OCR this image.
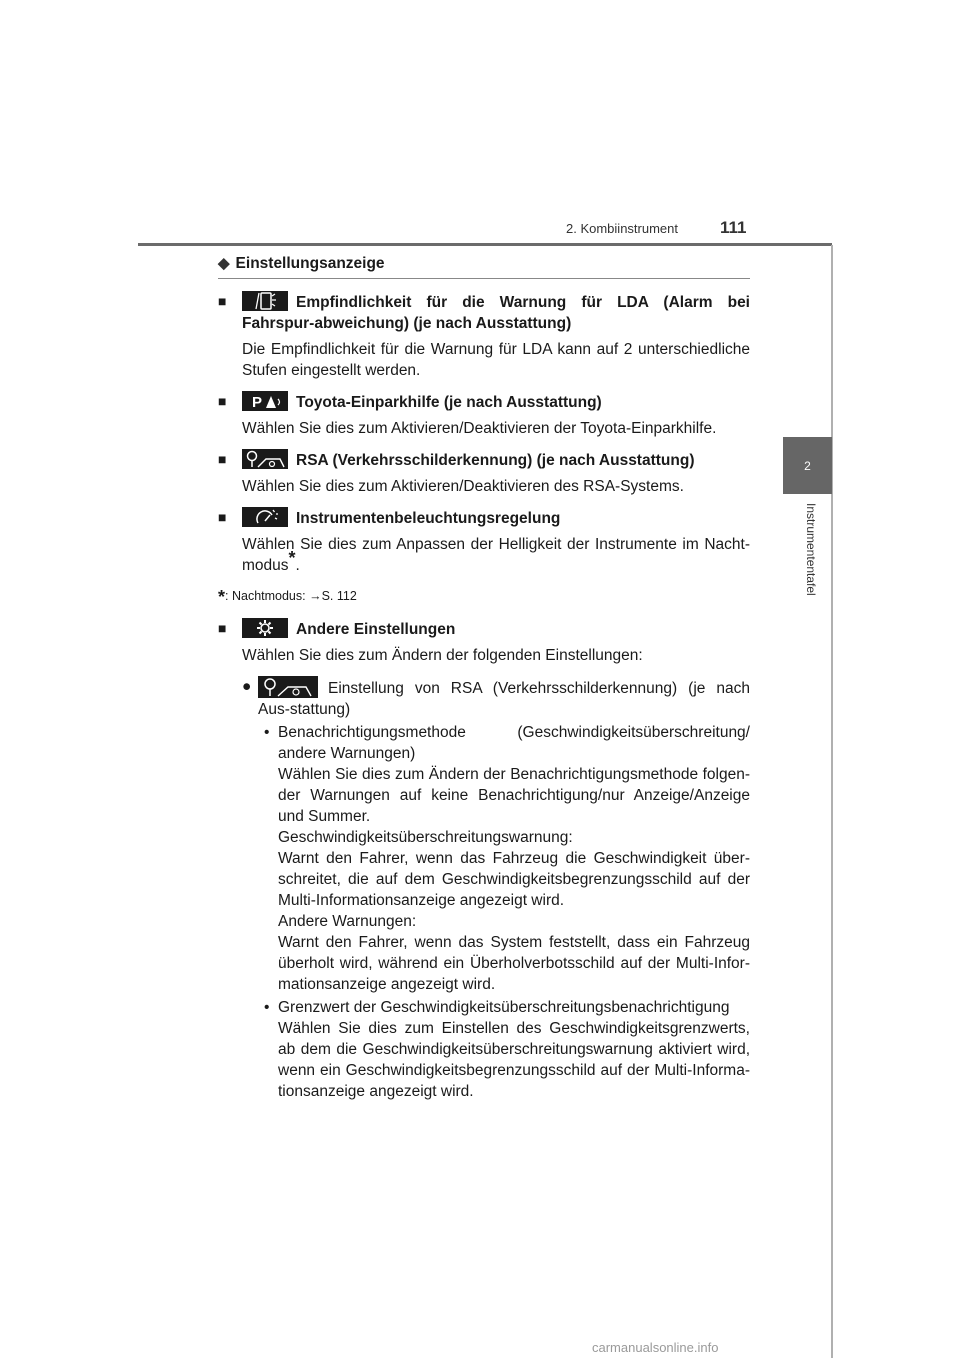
2. Kombiinstrument 111
2
Instrumententafel
◆ Einstellungsanzeige
■	Empfindlichkeit für die Warnung für LDA (Alarm bei Fahrspur-abweichung) (je nach Ausstattung)
Die Empfindlichkeit für die Warnung für LDA kann auf 2 unterschiedliche Stufen eingestellt werden.
■	P Toyota-Einparkhilfe (je nach Ausstattung)
Wählen Sie dies zum Aktivieren/Deaktivieren der Toyota-Einparkhilfe.
■	RSA (Verkehrsschilderkennung) (je nach Ausstattung)
Wählen Sie dies zum Aktivieren/Deaktivieren des RSA-Systems.
■	Instrumentenbeleuchtungsregelung
Wählen Sie dies zum Anpassen der Helligkeit der Instrumente im Nacht-modus*.
*: Nachtmodus: →S. 112
■	Andere Einstellungen
Wählen Sie dies zum Ändern der folgenden Einstellungen:
●	Einstellung von RSA (Verkehrsschilderkennung) (je nach Aus-stattung)
• Benachrichtigungsmethode	(Geschwindigkeitsüberschreitung/
andere Warnungen)
Wählen Sie dies zum Ändern der Benachrichtigungsmethode folgen-der Warnungen auf keine Benachrichtigung/nur Anzeige/Anzeige und Summer.
Geschwindigkeitsüberschreitungswarnung:
Warnt den Fahrer, wenn das Fahrzeug die Geschwindigkeit über-schreitet, die auf dem Geschwindigkeitsbegrenzungsschild auf der Multi-Informationsanzeige angezeigt wird.
Andere Warnungen:
Warnt den Fahrer, wenn das System feststellt, dass ein Fahrzeug überholt wird, während ein Überholverbotsschild auf der Multi-Infor-mationsanzeige angezeigt wird.
• Grenzwert der Geschwindigkeitsüberschreitungsbenachrichtigung
Wählen Sie dies zum Einstellen des Geschwindigkeitsgrenzwerts, ab dem die Geschwindigkeitsüberschreitungswarnung aktiviert wird, wenn ein Geschwindigkeitsbegrenzungsschild auf der Multi-Informa-tionsanzeige angezeigt wird.
carmanualsonline.info
